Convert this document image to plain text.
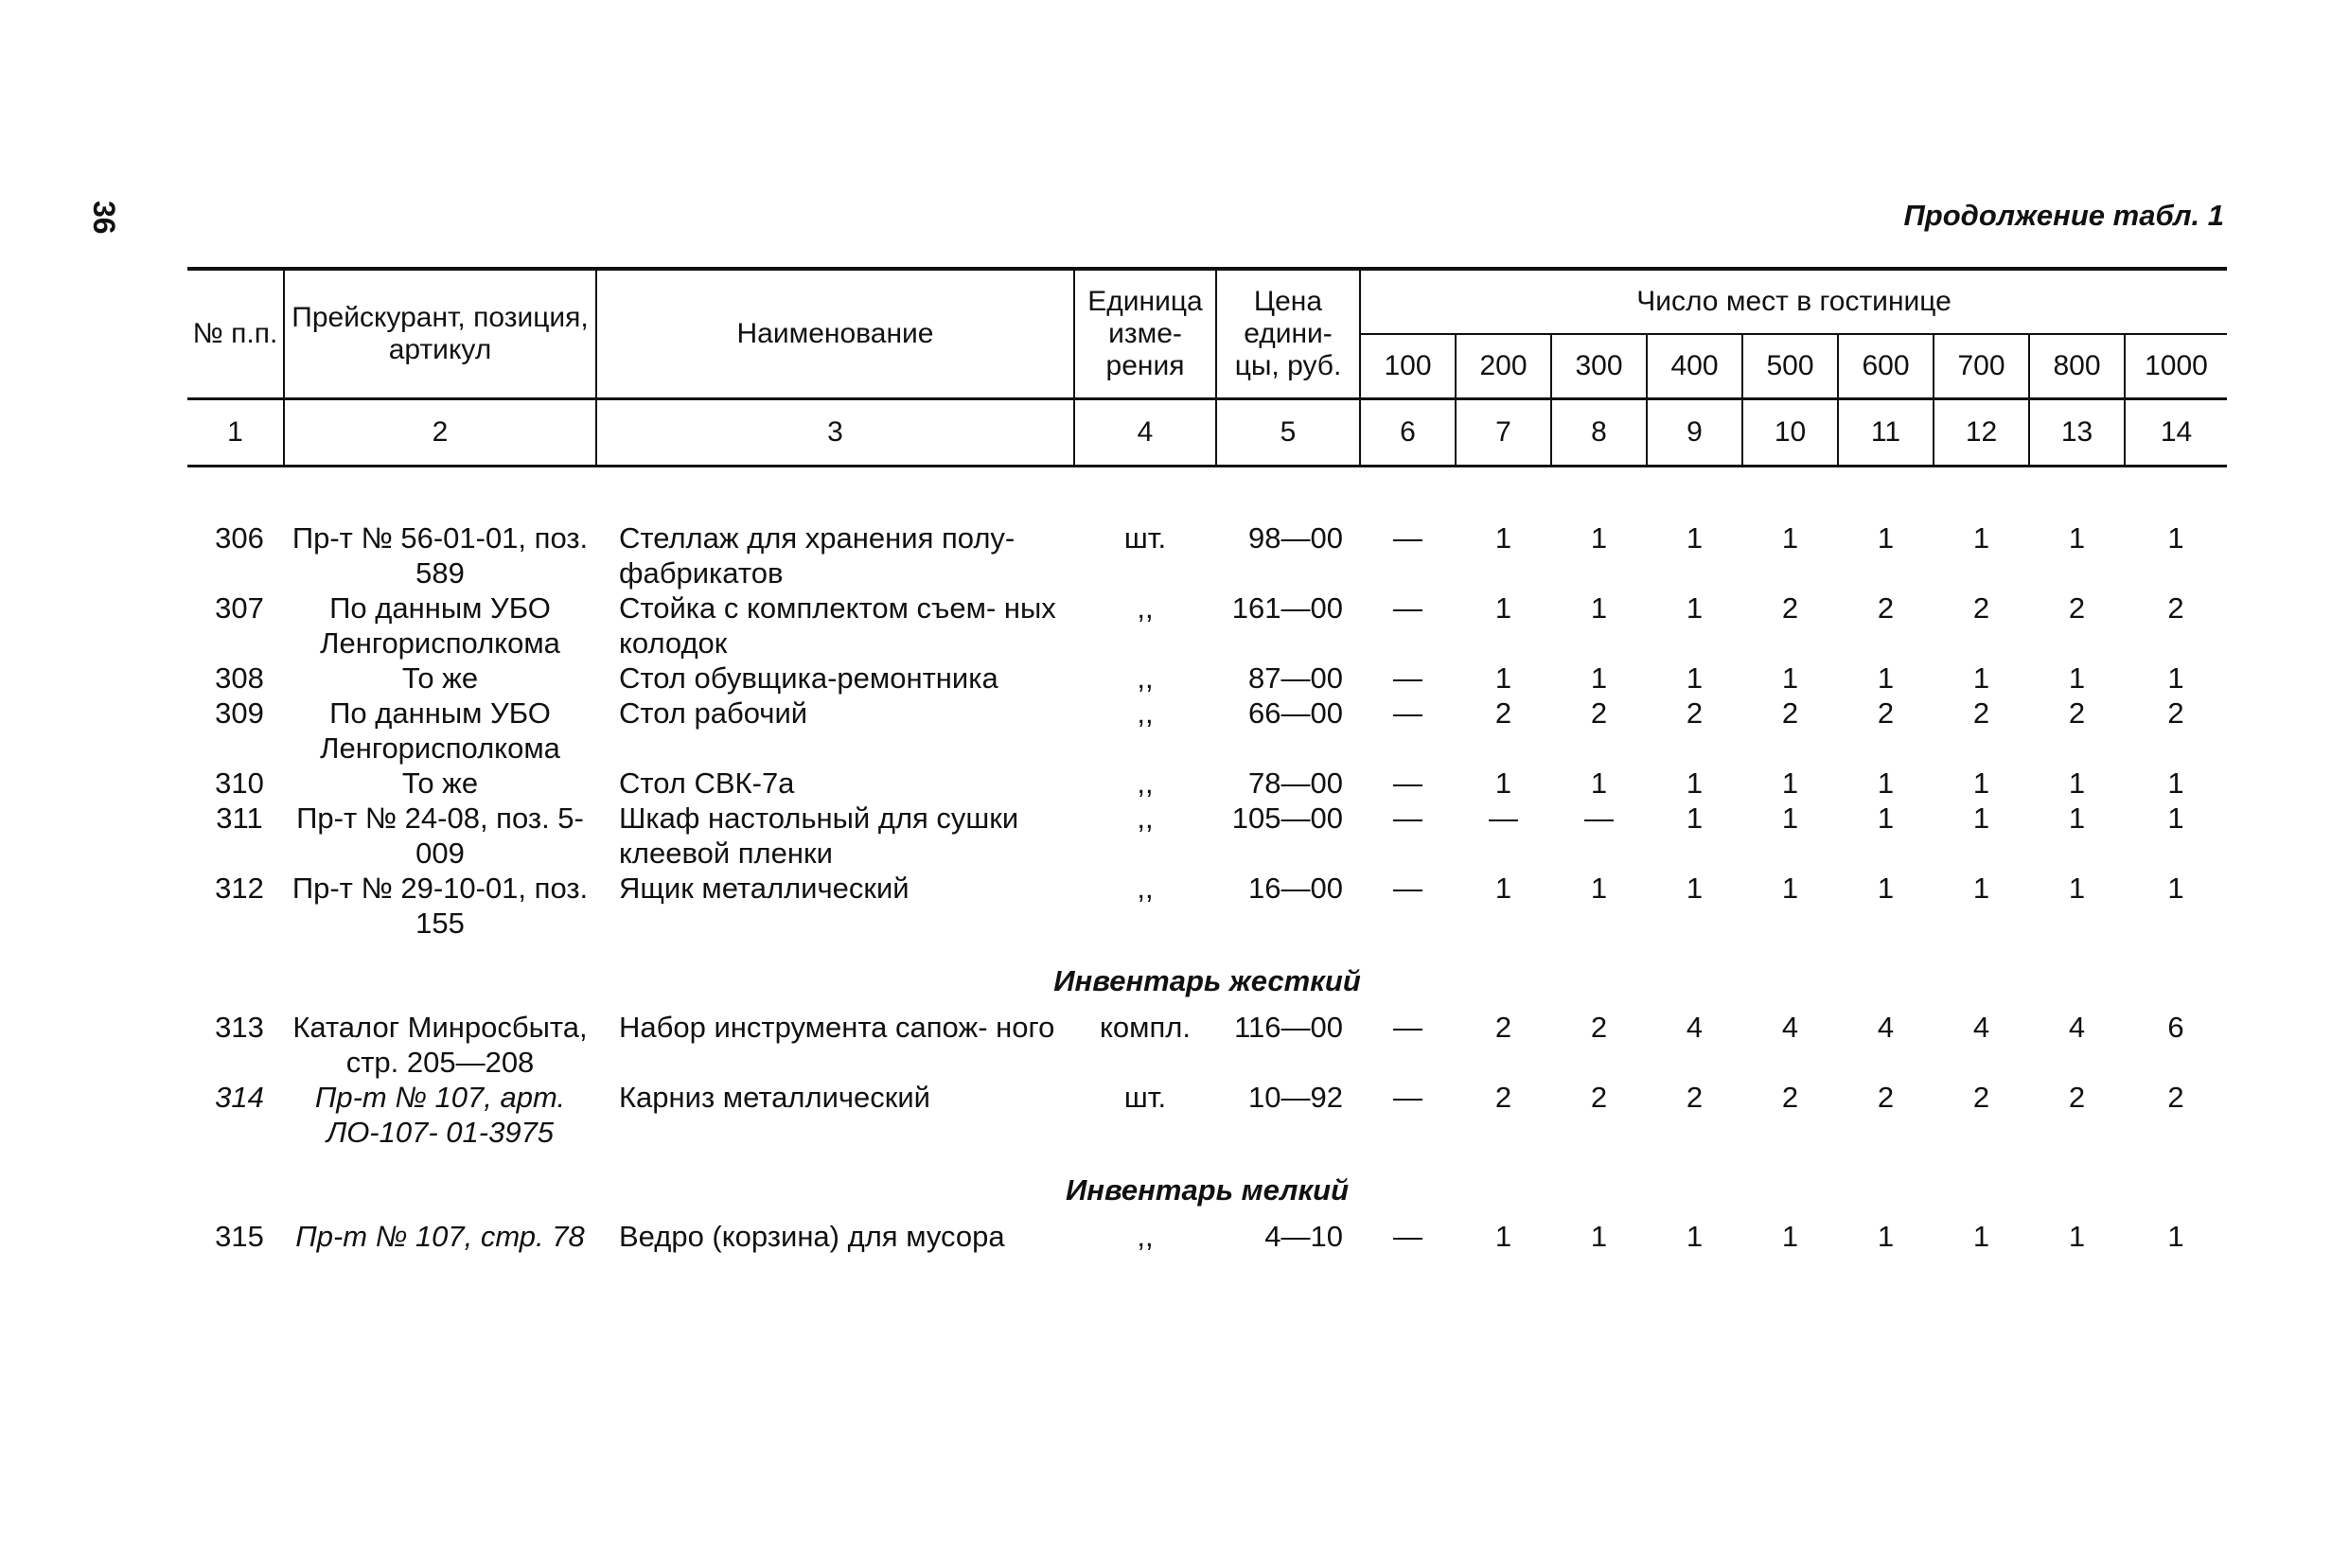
36	Продолжение табл. 1
№ п.п.	Прейскурант, позиция, артикул	Наименование	Единица изме- рения	Цена едини- цы, руб.	Число мест в гостинице								
					100	200	300	400	500	600	700	800	1000
1	2	3	4	5	6	7	8	9	10	11	12	13	14

306	Пр-т № 56-01-01, поз. 589	Стеллаж для хранения полу- фабрикатов	шт.	98—00	—	1	1	1	1	1	1	1	1
307	По данным УБО Ленгорисполкома	Стойка с комплектом съем- ных колодок	,,	161—00	—	1	1	1	2	2	2	2	2
308	То же	Стол обувщика-ремонтника	,,	87—00	—	1	1	1	1	1	1	1	1
309	По данным УБО Ленгорисполкома	Стол рабочий	,,	66—00	—	2	2	2	2	2	2	2	2
310	То же	Стол СВК-7а	,,	78—00	—	1	1	1	1	1	1	1	1
311	Пр-т № 24-08, поз. 5-009	Шкаф настольный для сушки клеевой пленки	,,	105—00	—	—	—	1	1	1	1	1	1
312	Пр-т № 29-10-01, поз. 155	Ящик металлический	,,	16—00	—	1	1	1	1	1	1	1	1
Инвентарь жесткий													
313	Каталог Минросбыта, стр. 205—208	Набор инструмента сапож- ного	компл.	116—00	—	2	2	4	4	4	4	4	6
314	Пр-т № 107, арт. ЛО-107- 01-3975	Карниз металлический	шт.	10—92	—	2	2	2	2	2	2	2	2
Инвентарь мелкий													
315	Пр-т № 107, стр. 78	Ведро (корзина) для мусора	,,	4—10	—	1	1	1	1	1	1	1	1
